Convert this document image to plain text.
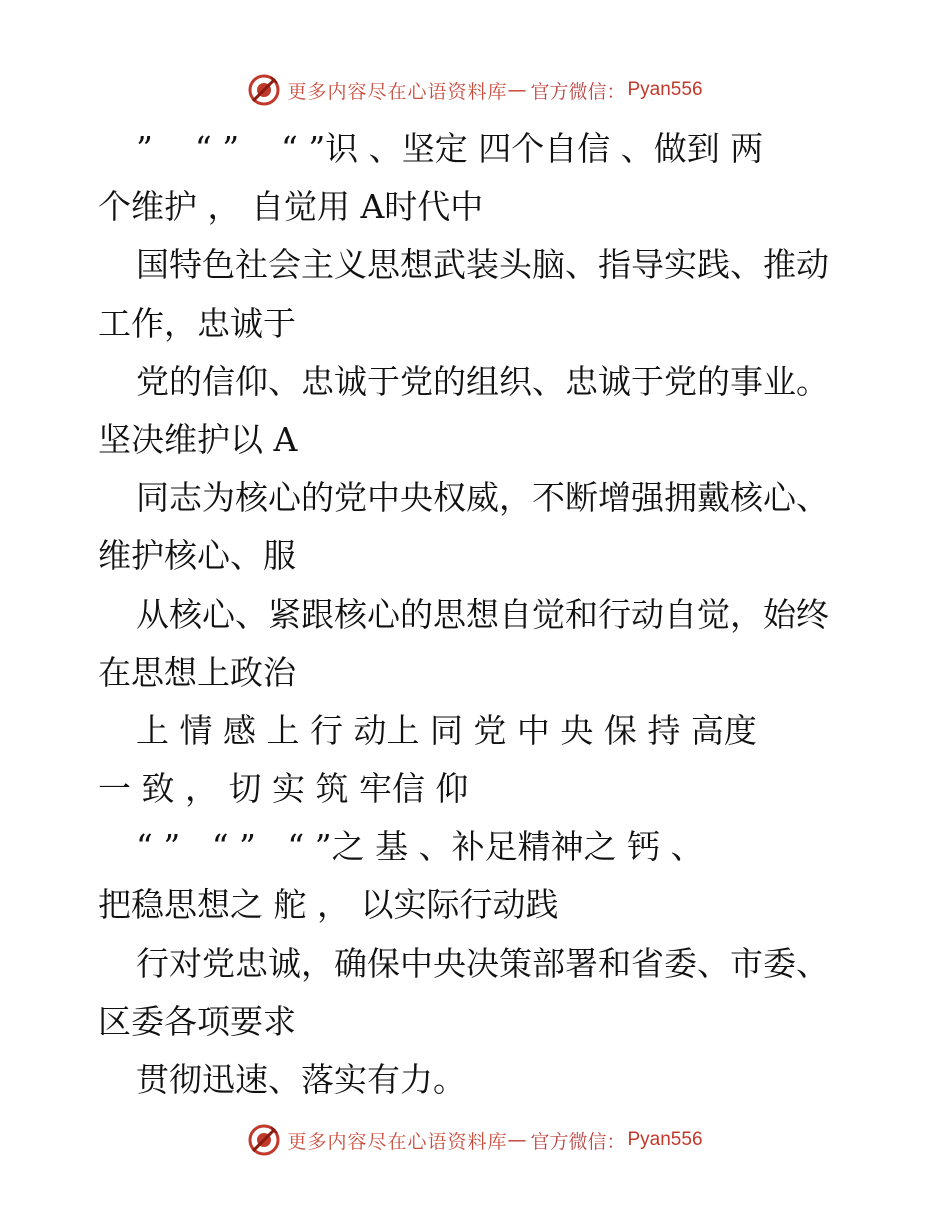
更多内容尽在心语资料库 — 官方微信： Pyan556
”    “ ”    “ ”识 、坚定 四个自信 、做到 两
个维护 ， 自觉用 A时代中
国特色社会主义思想武装头脑、指导实践、推动
工作，忠诚于
党的信仰、忠诚于党的组织、忠诚于党的事业。
坚决维护以 A
同志为核心的党中央权威，不断增强拥戴核心、
维护核心、服
从核心、紧跟核心的思想自觉和行动自觉，始终
在思想上政治
上 情 感 上 行 动上 同 党 中 央 保 持 高度
一 致 ， 切 实 筑 牢信 仰
“ ”   “ ”   “ ”之 基 、补足精神之 钙 、
把稳思想之 舵 ， 以实际行动践
行对党忠诚，确保中央决策部署和省委、市委、
区委各项要求
贯彻迅速、落实有力。
更多内容尽在心语资料库 — 官方微信： Pyan556
